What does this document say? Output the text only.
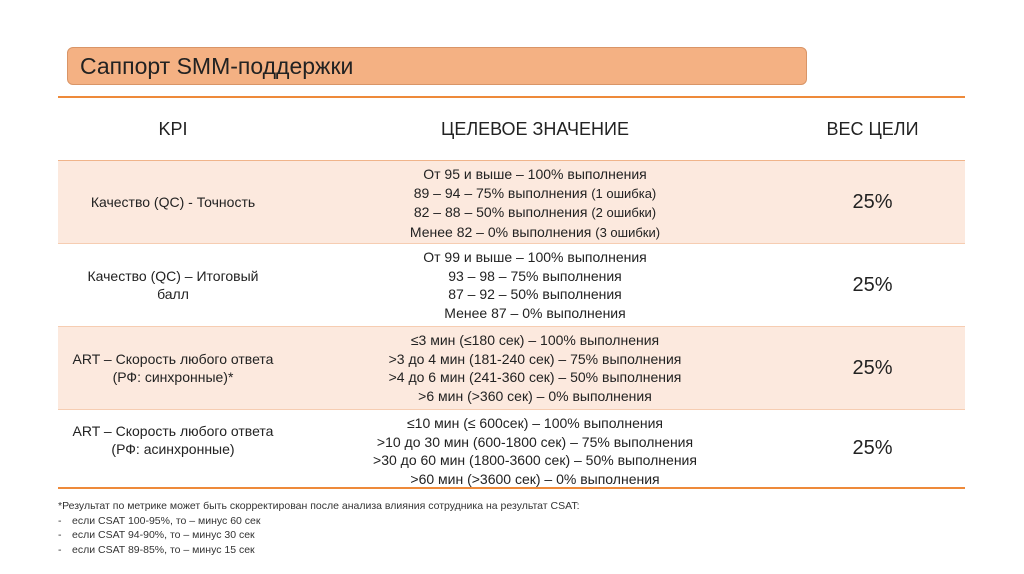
Саппорт SMM-поддержки
KPI	ЦЕЛЕВОЕ ЗНАЧЕНИЕ	ВЕС ЦЕЛИ
Качество (QC) - Точность
От 95 и выше – 100% выполнения
89 – 94 – 75% выполнения (1 ошибка)
82 – 88 – 50% выполнения (2 ошибки)
Менее 82 – 0% выполнения (3 ошибки)
25%
Качество (QC) – Итоговый балл
От 99 и выше – 100% выполнения
93 – 98 – 75% выполнения
87 – 92 – 50% выполнения
Менее 87 – 0% выполнения
25%
ART – Скорость любого ответа (РФ: синхронные)*
≤3 мин (≤180 сек) – 100% выполнения
>3 до 4 мин (181-240 сек) – 75% выполнения
>4 до 6 мин (241-360 сек) – 50% выполнения
>6 мин (>360 сек) – 0% выполнения
25%
ART – Скорость любого ответа (РФ: асинхронные)
≤10 мин (≤ 600сек) – 100% выполнения
>10 до 30 мин (600-1800 сек) – 75% выполнения
>30 до 60 мин (1800-3600 сек) – 50% выполнения
>60 мин (>3600 сек) – 0% выполнения
25%
*Результат по метрике может быть скорректирован после анализа влияния сотрудника на результат CSAT:
- если CSAT 100-95%, то – минус 60 сек
- если CSAT 94-90%, то – минус 30 сек
- если CSAT 89-85%, то – минус 15 сек
